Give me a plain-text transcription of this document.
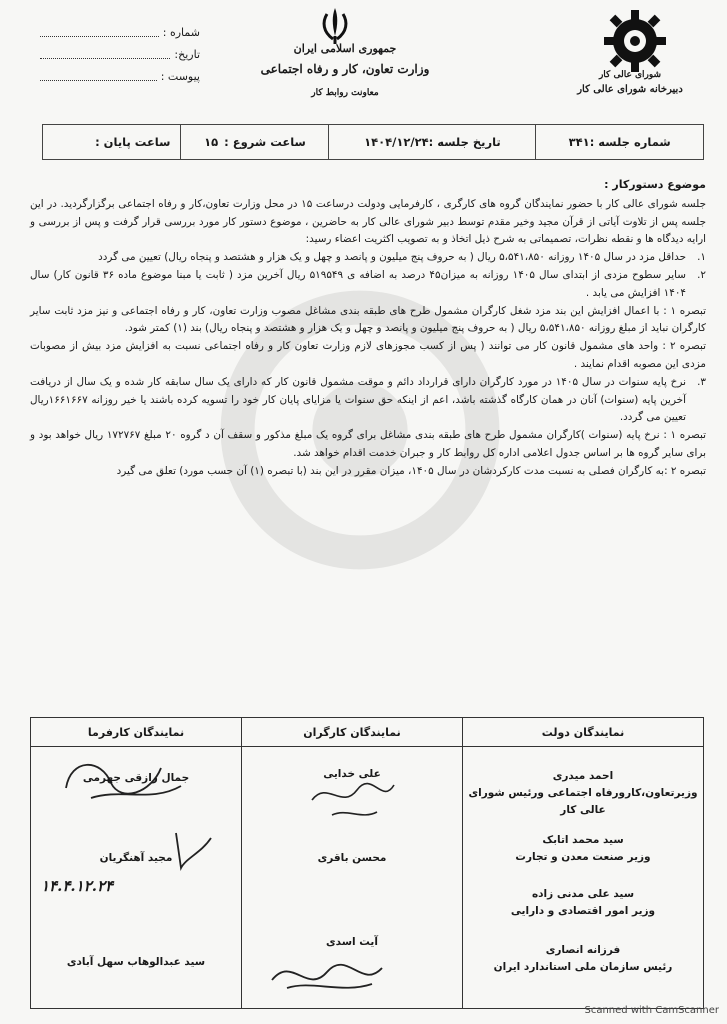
شماره :
تاریخ:
پیوست :
جمهوری اسلامی ایران
وزارت تعاون، کار و رفاه اجتماعی
معاونت روابط کار
شورای عالی کار
دبیرخانه شورای عالی کار
شماره جلسه :۳۴۱
تاریخ جلسه :۱۴۰۴/۱۲/۲۴
ساعت شروع :
۱۵
ساعت پایان :

موضوع دستورکار :

جلسه شورای عالی کار با حضور نمایندگان گروه های کارگری ، کارفرمایی ودولت درساعت ۱۵ در محل وزارت تعاون،کار و رفاه اجتماعی برگزارگردید. در این جلسه پس از تلاوت آیاتی از قرآن مجید وخیر مقدم توسط دبیر شورای عالی کار به حاضرین ، موضوع دستور کار مورد بررسی قرار گرفت و پس از بررسی و ارایه دیدگاه ها و نقطه نظرات، تصمیماتی به شرح ذیل اتخاذ و به تصویب اکثریت اعضاء رسید:

۱.
حداقل مزد در سال ۱۴۰۵ روزانه ۵،۵۴۱،۸۵۰ ریال ( به حروف پنج میلیون و پانصد و چهل و یک هزار و هشتصد و پنجاه ریال) تعیین می گردد
۲.
سایر سطوح مزدی از ابتدای سال ۱۴۰۵ روزانه به میزان۴۵ درصد به اضافه ی ۵۱۹۵۴۹ ریال آخرین مزد ( ثابت یا مبنا موضوع ماده ۳۶ قانون کار) سال ۱۴۰۴ افزایش می یابد .

تبصره ۱ : با اعمال افزایش این بند مزد شغل کارگران مشمول طرح های طبقه بندی مشاغل مصوب وزارت تعاون، کار و رفاه اجتماعی و نیز مزد ثابت سایر کارگران نباید از مبلغ روزانه ۵،۵۴۱،۸۵۰ ریال ( به حروف پنج میلیون و پانصد و چهل و یک هزار و هشتصد و پنجاه ریال) بند (۱) کمتر شود.

تبصره ۲ : واحد های مشمول قانون کار می توانند ( پس از کسب مجوزهای لازم وزارت تعاون کار و رفاه اجتماعی نسبت به افزایش مزد بیش از مصوبات مزدی این مصوبه اقدام نمایند .

۳.
نرخ پایه سنوات در سال ۱۴۰۵ در مورد کارگران دارای قرارداد دائم و موقت مشمول قانون کار که دارای یک سال سابقه کار شده و یک سال از دریافت آخرین پایه (سنوات) آنان در همان کارگاه گذشته باشد، اعم از اینکه حق سنوات یا مزایای پایان کار خود را تسویه کرده باشند یا خیر روزانه ۱۶۶۱۶۶۷ریال تعیین می گردد.

تبصره ۱ : نرخ پایه (سنوات )کارگران مشمول طرح های طبقه بندی مشاغل برای گروه یک مبلغ مذکور و سقف آن د گروه ۲۰ مبلغ ۱۷۲۷۶۷ ریال خواهد بود و برای سایر گروه ها بر اساس جدول اعلامی اداره کل روابط کار و جبران خدمت اقدام خواهد شد.

تبصره ۲ :به کارگران فصلی به نسبت مدت کارکردشان در سال ۱۴۰۵، میزان مقرر در این بند (با تبصره (۱) آن حسب مورد) تعلق می گیرد

نمایندگان دولت
احمد میدری
وزیرتعاون،کارورفاه اجتماعی ورئیس شورای عالی کار
سید محمد اتابک
وزیر صنعت معدن و تجارت
سید علی مدنی زاده
وزیر امور اقتصادی و دارایی
فرزانه انصاری
رئیس سازمان ملی استاندارد ایران
نمایندگان کارگران
علی خدایی
محسن باقری
آیت اسدی
نمایندگان کارفرما
جمال رازقی جهرمی
مجید آهنگریان
۱۴.۴.۱۲.۲۴
سید عبدالوهاب سهل آبادی
Scanned with CamScanner
